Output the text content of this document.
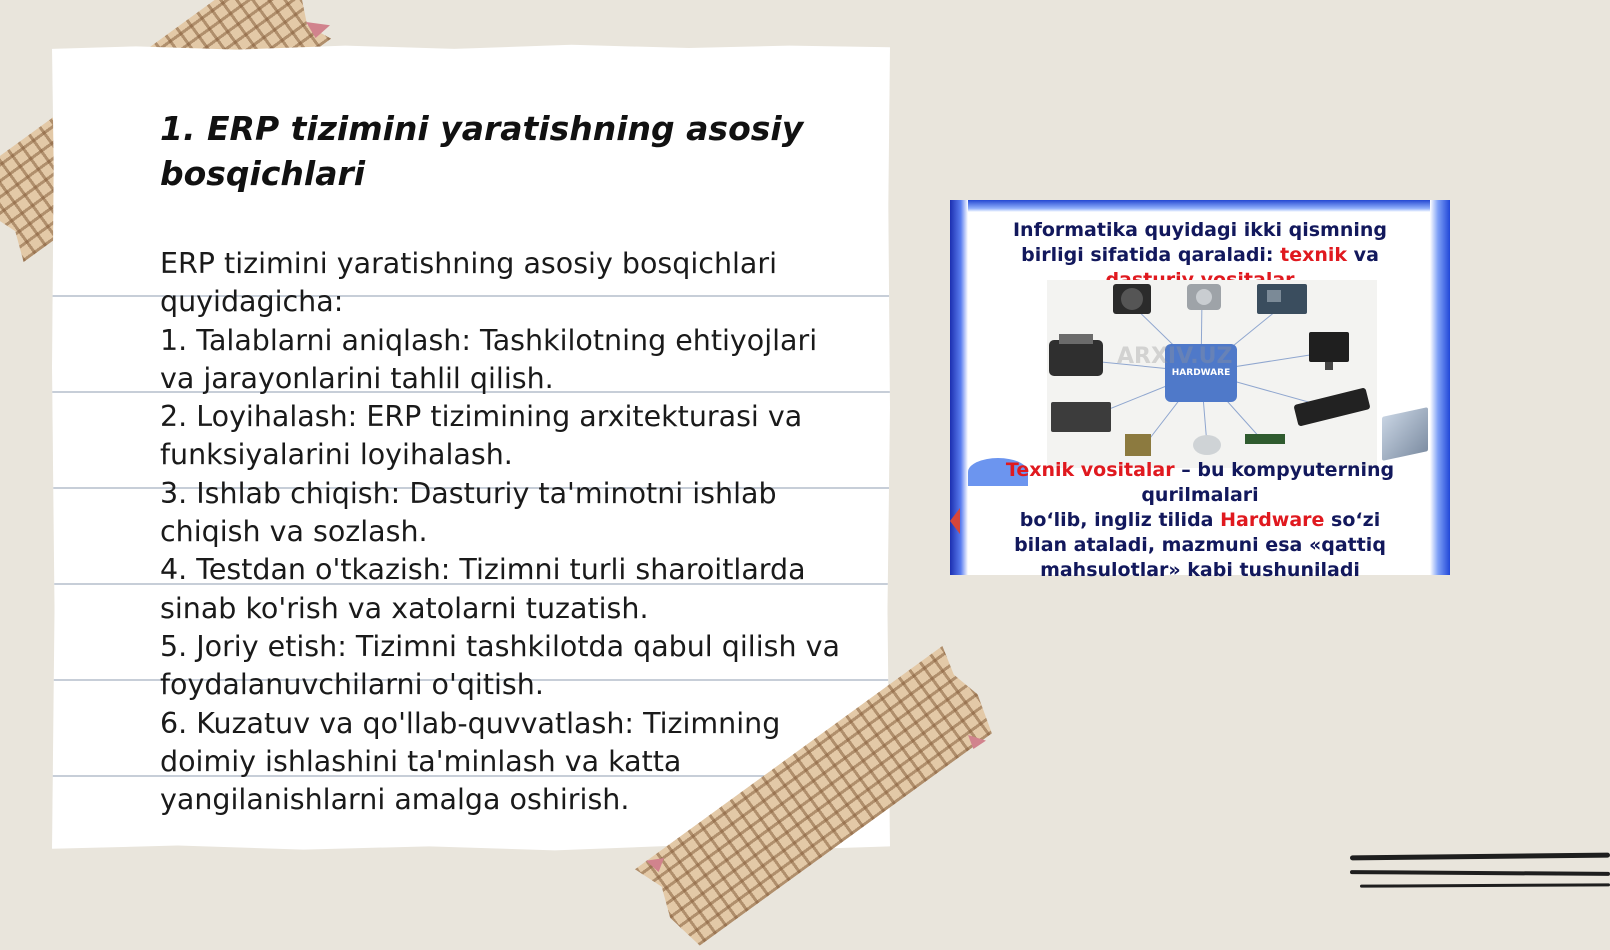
1. ERP tizimini yaratishning asosiy bosqichlari
ERP tizimini yaratishning asosiy bosqichlari quyidagicha:
1. Talablarni aniqlash: Tashkilotning ehtiyojlari va jarayonlarini tahlil qilish.
2. Loyihalash: ERP tizimining arxitekturasi va funksiyalarini loyihalash.
3. Ishlab chiqish: Dasturiy ta'minotni ishlab chiqish va sozlash.
4. Testdan o'tkazish: Tizimni turli sharoitlarda sinab ko'rish va xatolarni tuzatish.
5. Joriy etish: Tizimni tashkilotda qabul qilish va foydalanuvchilarni o'qitish.
6. Kuzatuv va qo'llab-quvvatlash: Tizimning doimiy ishlashini ta'minlash va katta yangilanishlarni amalga oshirish.

Informatika quyidagi ikki qismning
birligi sifatida qaraladi: texnik va

HARDWARE
ARXIV.UZ

Texnik vositalar – bu kompyuterning
qurilmalari
bo‘lib, ingliz tilida Hardware so‘zi
bilan ataladi, mazmuni esa «qattiq
mahsulotlar» kabi tushuniladi
